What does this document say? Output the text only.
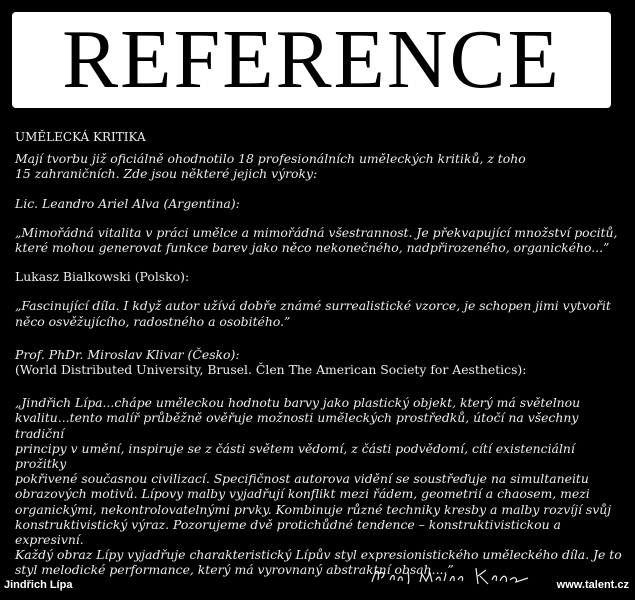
REFERENCE

UMĚLECKÁ KRITIKA

Mají tvorbu již oficiálně ohodnotilo 18 profesionálních uměleckých kritiků, z toho

15 zahraničních. Zde jsou některé jejich výroky:

Lic. Leandro Ariel Alva (Argentina):

„Mimořádná vitalita v práci umělce a mimořádná všestrannost. Je překvapující množství pocitů,

které mohou generovat funkce barev jako něco nekonečného, nadpřirozeného, organického...”

Lukasz Bialkowski (Polsko):

„Fascinující díla. I když autor užívá dobře známé surrealistické vzorce, je schopen jimi vytvořit

něco osvěžujícího, radostného a osobitého.”

Prof. PhDr. Miroslav Klivar (Česko):

(World Distributed University, Brusel. Člen The American Society for Aesthetics):

„Jindřich Lípa...chápe uměleckou hodnotu barvy jako plastický objekt, který má světelnou

kvalitu...tento malíř průběžně ověřuje možnosti uměleckých prostředků, útočí na všechny tradiční

principy v umění, inspiruje se z části světem vědomí, z části podvědomí, cítí existenciální prožitky

pokřivené současnou civilizací. Specifičnost autorova vidění se soustřeďuje na simultaneitu

obrazových motivů. Lípovy malby vyjadřují konflikt mezi řádem, geometrií a chaosem, mezi

organickými, nekontrolovatelnými prvky. Kombinuje různé techniky kresby a malby rozvíjí svůj

konstruktivistický výraz. Pozorujeme dvě protichůdné tendence – konstruktivistickou a expresivní.

Každý obraz Lípy vyjadřuje charakteristický Lípův styl expresionistického uměleckého díla. Je to

styl melodické performance, který má vyrovnaný abstraktní obsah....”

Jindřich Lípa	www.talent.cz
